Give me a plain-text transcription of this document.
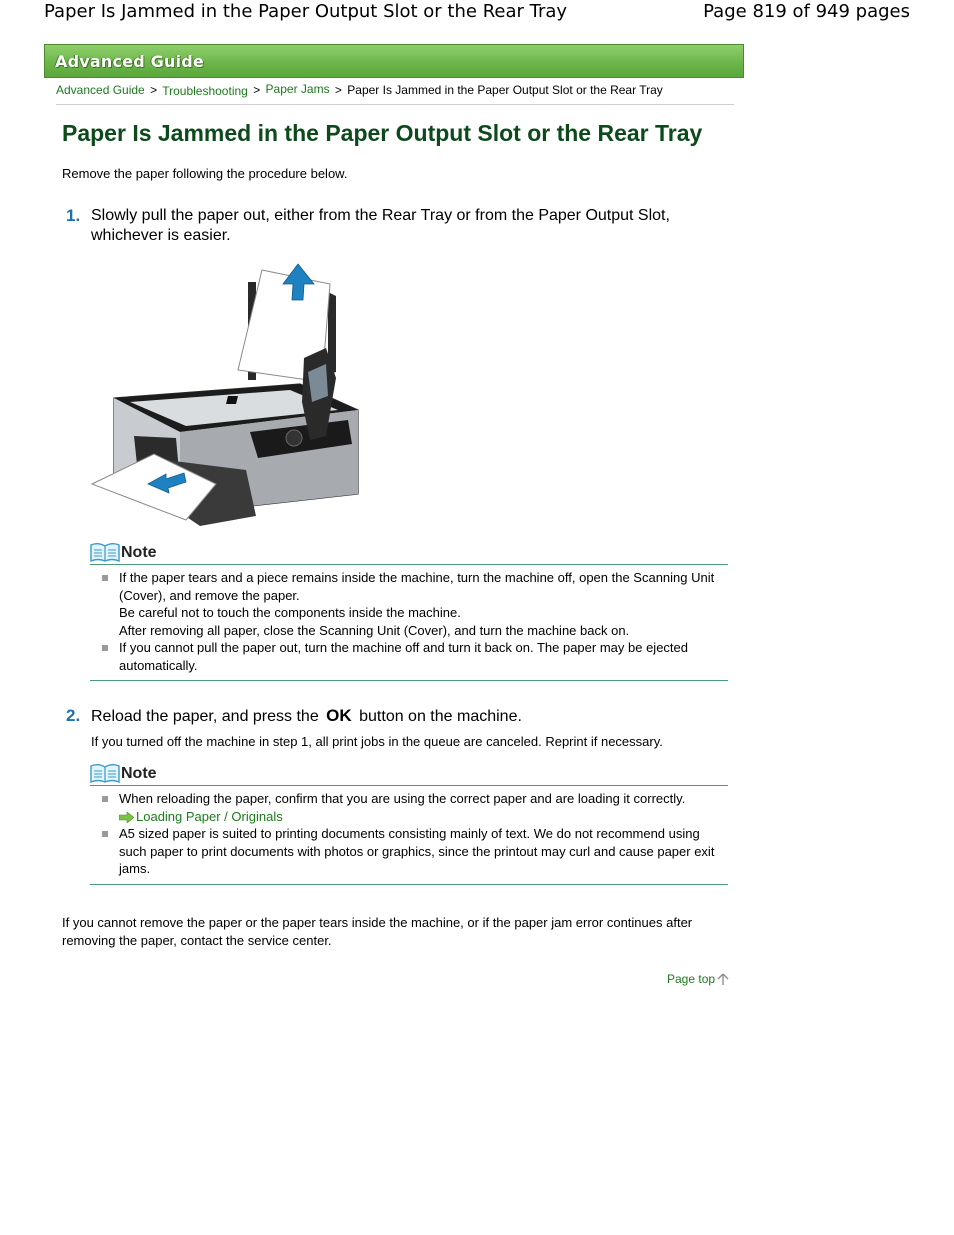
Paper Is Jammed in the Paper Output Slot or the Rear Tray	Page 819 of 949 pages
Advanced Guide
Advanced Guide > Troubleshooting > Paper Jams > Paper Is Jammed in the Paper Output Slot or the Rear Tray
Paper Is Jammed in the Paper Output Slot or the Rear Tray
Remove the paper following the procedure below.
1. Slowly pull the paper out, either from the Rear Tray or from the Paper Output Slot, whichever is easier.
Note
If the paper tears and a piece remains inside the machine, turn the machine off, open the Scanning Unit (Cover), and remove the paper.
Be careful not to touch the components inside the machine.
After removing all paper, close the Scanning Unit (Cover), and turn the machine back on.
If you cannot pull the paper out, turn the machine off and turn it back on. The paper may be ejected automatically.
2. Reload the paper, and press the OK button on the machine.
If you turned off the machine in step 1, all print jobs in the queue are canceled. Reprint if necessary.
Note
When reloading the paper, confirm that you are using the correct paper and are loading it correctly.
Loading Paper / Originals
A5 sized paper is suited to printing documents consisting mainly of text. We do not recommend using such paper to print documents with photos or graphics, since the printout may curl and cause paper exit jams.
If you cannot remove the paper or the paper tears inside the machine, or if the paper jam error continues after removing the paper, contact the service center.
Page top
